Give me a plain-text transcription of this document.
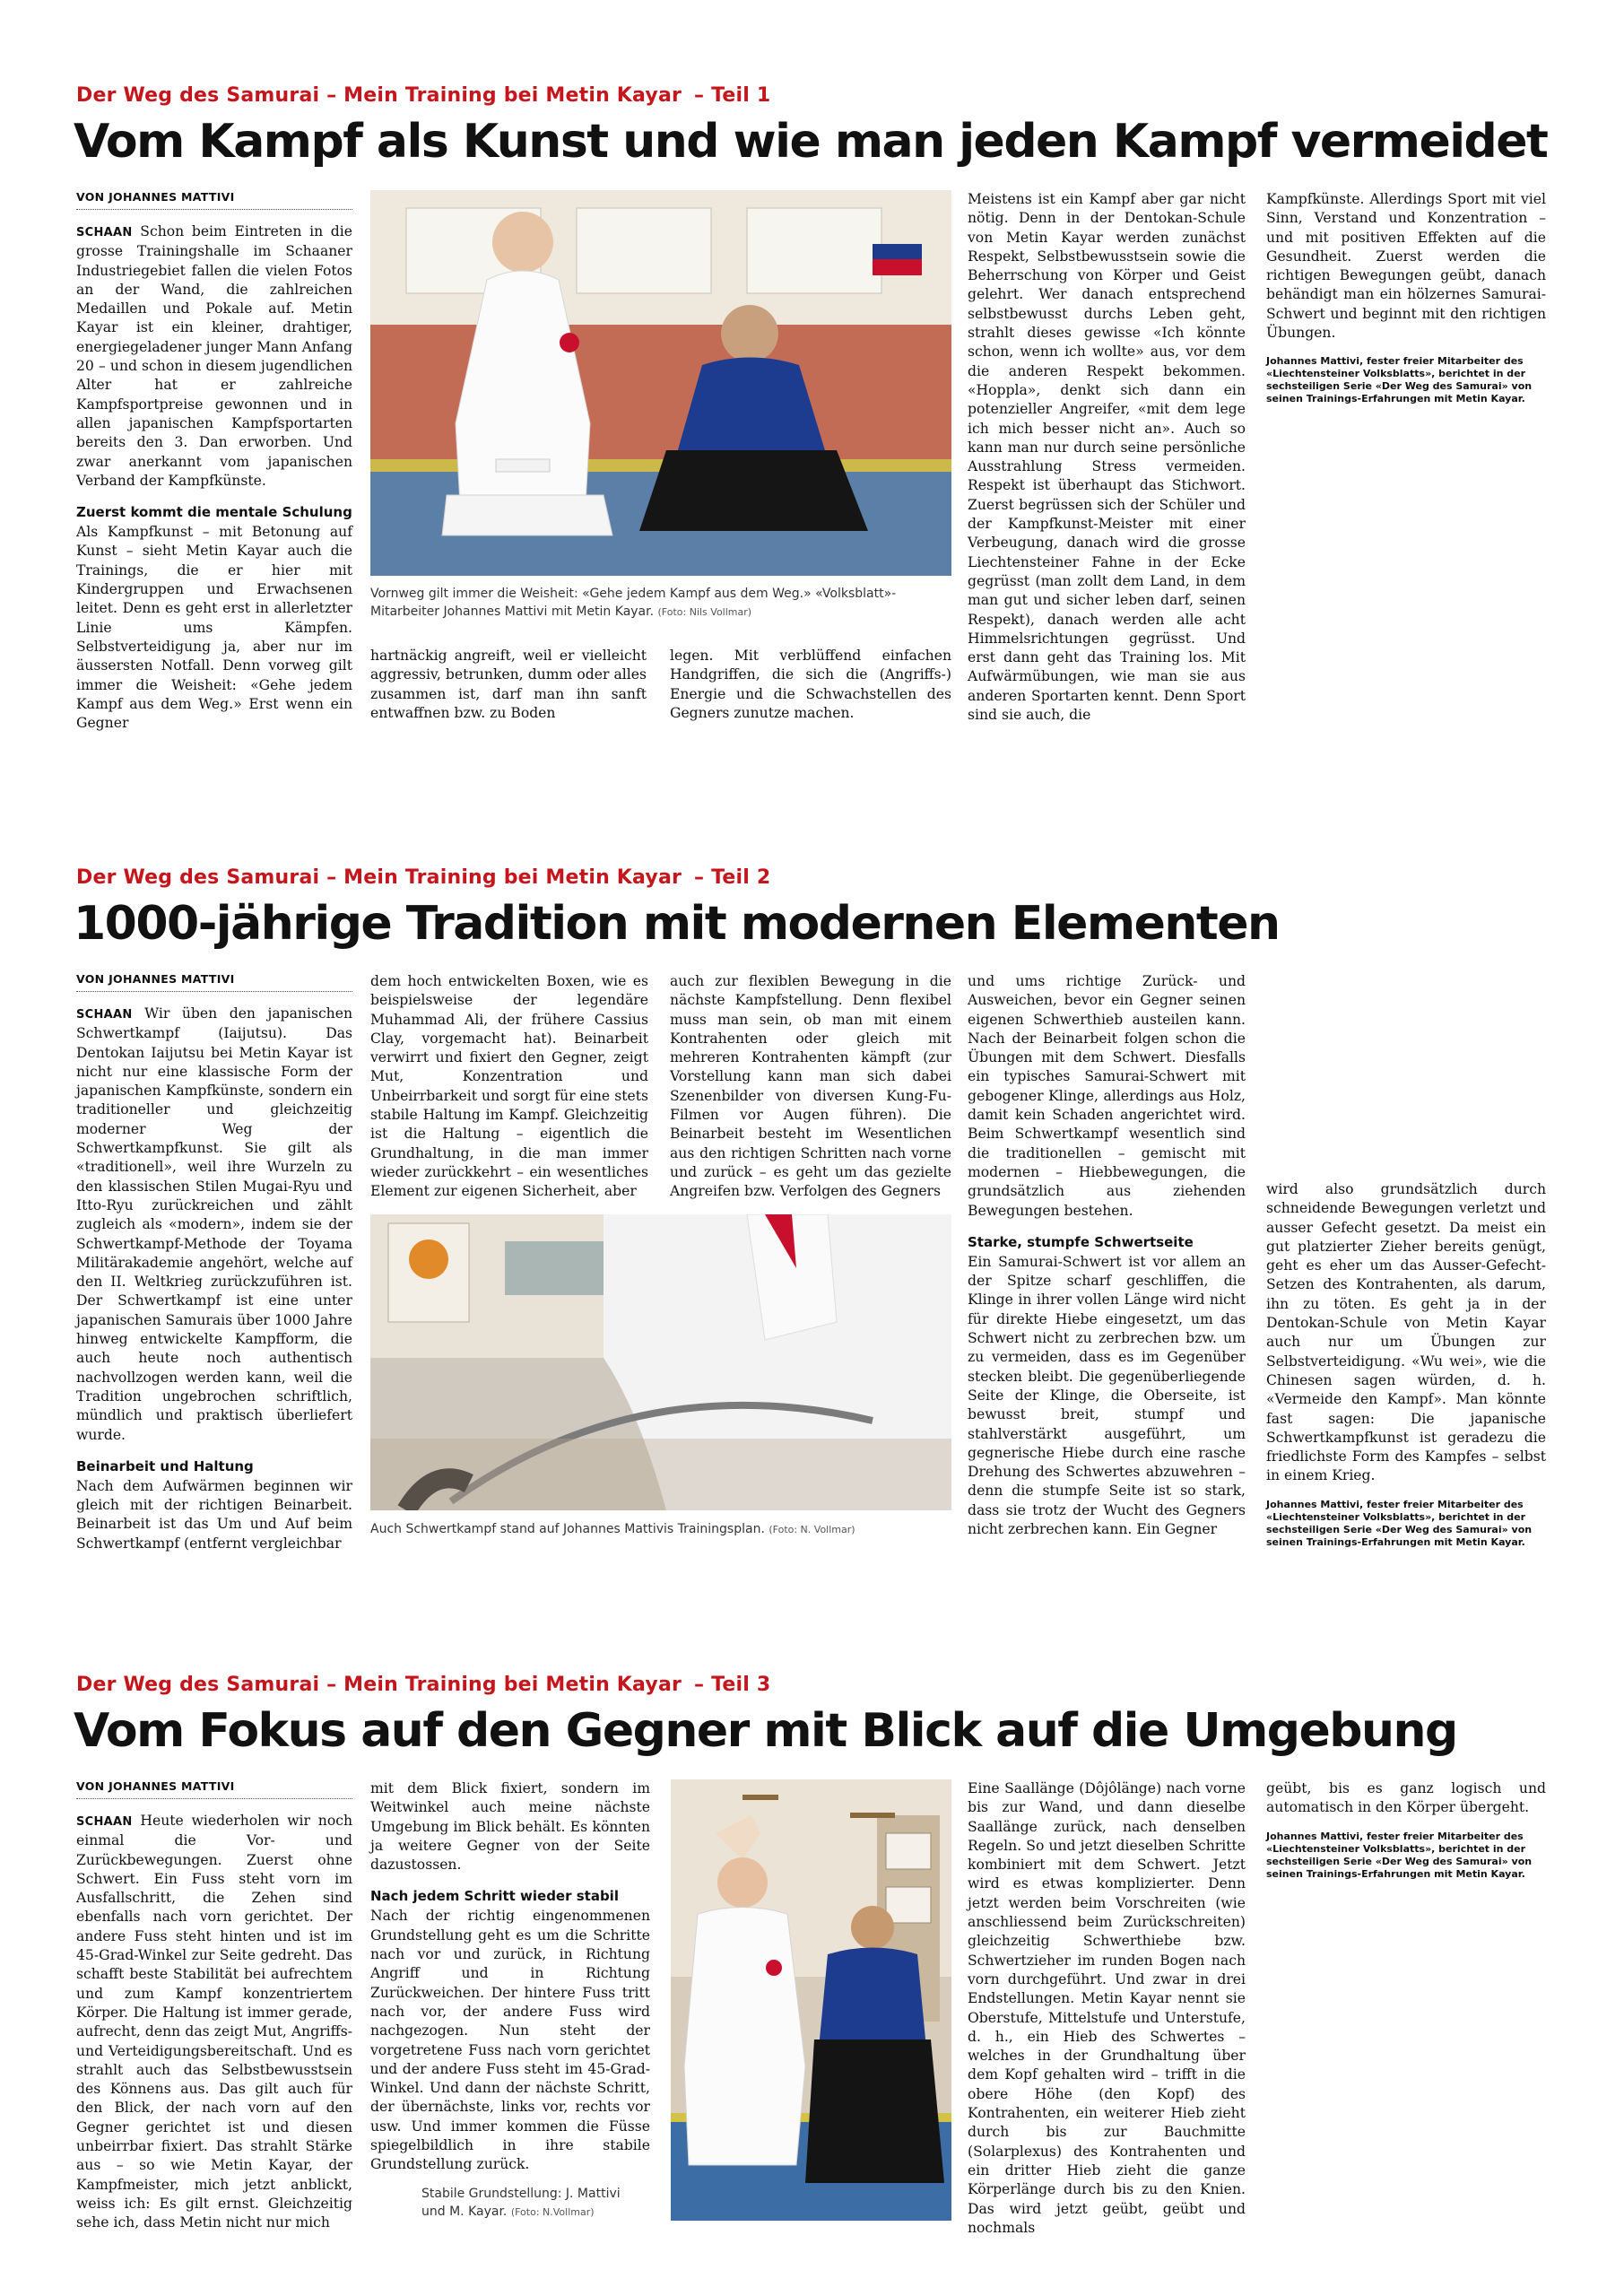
Der Weg des Samurai – Mein Training bei Metin Kayar – Teil 1
Vom Kampf als Kunst und wie man jeden Kampf vermeidet
VON JOHANNES MATTIVI

SCHAAN Schon beim Eintreten in die grosse Trainingshalle im Schaaner Industriegebiet fallen die vielen Fotos an der Wand, die zahlreichen Medaillen und Pokale auf. Metin Kayar ist ein kleiner, drahtiger, energiegeladener junger Mann Anfang 20 – und schon in diesem jugendlichen Alter hat er zahlreiche Kampfsportpreise gewonnen und in allen japanischen Kampfsportarten bereits den 3. Dan erworben. Und zwar anerkannt vom japanischen Verband der Kampfkünste.

Zuerst kommt die mentale Schulung

Als Kampfkunst – mit Betonung auf Kunst – sieht Metin Kayar auch die Trainings, die er hier mit Kindergruppen und Erwachsenen leitet. Denn es geht erst in allerletzter Linie ums Kämpfen. Selbstverteidigung ja, aber nur im äussersten Notfall. Denn vorweg gilt immer die Weisheit: «Gehe jedem Kampf aus dem Weg.» Erst wenn ein Gegner

Vornweg gilt immer die Weisheit: «Gehe jedem Kampf aus dem Weg.» «Volksblatt»-Mitarbeiter Johannes Mattivi mit Metin Kayar. (Foto: Nils Vollmar)

hartnäckig angreift, weil er vielleicht aggressiv, betrunken, dumm oder alles zusammen ist, darf man ihn sanft entwaffnen bzw. zu Boden

legen. Mit verblüffend einfachen Handgriffen, die sich die (Angriffs-) Energie und die Schwachstellen des Gegners zunutze machen.

Meistens ist ein Kampf aber gar nicht nötig. Denn in der Dentokan-Schule von Metin Kayar werden zunächst Respekt, Selbstbewusstsein sowie die Beherrschung von Körper und Geist gelehrt. Wer danach entsprechend selbstbewusst durchs Leben geht, strahlt dieses gewisse «Ich könnte schon, wenn ich wollte» aus, vor dem die anderen Respekt bekommen. «Hoppla», denkt sich dann ein potenzieller Angreifer, «mit dem lege ich mich besser nicht an». Auch so kann man nur durch seine persönliche Ausstrahlung Stress vermeiden. Respekt ist überhaupt das Stichwort. Zuerst begrüssen sich der Schüler und der Kampfkunst-Meister mit einer Verbeugung, danach wird die grosse Liechtensteiner Fahne in der Ecke gegrüsst (man zollt dem Land, in dem man gut und sicher leben darf, seinen Respekt), danach werden alle acht Himmelsrichtungen gegrüsst. Und erst dann geht das Training los. Mit Aufwärmübungen, wie man sie aus anderen Sportarten kennt. Denn Sport sind sie auch, die

Kampfkünste. Allerdings Sport mit viel Sinn, Verstand und Konzentration – und mit positiven Effekten auf die Gesundheit. Zuerst werden die richtigen Bewegungen geübt, danach behändigt man ein hölzernes Samurai-Schwert und beginnt mit den richtigen Übungen.

Johannes Mattivi, fester freier Mitarbeiter des «Liechtensteiner Volksblatts», berichtet in der sechsteiligen Serie «Der Weg des Samurai» von seinen Trainings-Erfahrungen mit Metin Kayar.
Der Weg des Samurai – Mein Training bei Metin Kayar – Teil 2
1000-jährige Tradition mit modernen Elementen
VON JOHANNES MATTIVI

SCHAAN Wir üben den japanischen Schwertkampf (Iaijutsu). Das Dentokan Iaijutsu bei Metin Kayar ist nicht nur eine klassische Form der japanischen Kampfkünste, sondern ein traditioneller und gleichzeitig moderner Weg der Schwertkampfkunst. Sie gilt als «traditionell», weil ihre Wurzeln zu den klassischen Stilen Mugai-Ryu und Itto-Ryu zurückreichen und zählt zugleich als «modern», indem sie der Schwertkampf-Methode der Toyama Militärakademie angehört, welche auf den II. Weltkrieg zurückzuführen ist. Der Schwertkampf ist eine unter japanischen Samurais über 1000 Jahre hinweg entwickelte Kampfform, die auch heute noch authentisch nachvollzogen werden kann, weil die Tradition ungebrochen schriftlich, mündlich und praktisch überliefert wurde.

Beinarbeit und Haltung

Nach dem Aufwärmen beginnen wir gleich mit der richtigen Beinarbeit. Beinarbeit ist das Um und Auf beim Schwertkampf (entfernt vergleichbar

dem hoch entwickelten Boxen, wie es beispielsweise der legendäre Muhammad Ali, der frühere Cassius Clay, vorgemacht hat). Beinarbeit verwirrt und fixiert den Gegner, zeigt Mut, Konzentration und Unbeirrbarkeit und sorgt für eine stets stabile Haltung im Kampf. Gleichzeitig ist die Haltung – eigentlich die Grundhaltung, in die man immer wieder zurückkehrt – ein wesentliches Element zur eigenen Sicherheit, aber

auch zur flexiblen Bewegung in die nächste Kampfstellung. Denn flexibel muss man sein, ob man mit einem Kontrahenten oder gleich mit mehreren Kontrahenten kämpft (zur Vorstellung kann man sich dabei Szenenbilder von diversen Kung-Fu-Filmen vor Augen führen). Die Beinarbeit besteht im Wesentlichen aus den richtigen Schritten nach vorne und zurück – es geht um das gezielte Angreifen bzw. Verfolgen des Gegners

Auch Schwertkampf stand auf Johannes Mattivis Trainingsplan. (Foto: N. Vollmar)

und ums richtige Zurück- und Ausweichen, bevor ein Gegner seinen eigenen Schwerthieb austeilen kann. Nach der Beinarbeit folgen schon die Übungen mit dem Schwert. Diesfalls ein typisches Samurai-Schwert mit gebogener Klinge, allerdings aus Holz, damit kein Schaden angerichtet wird. Beim Schwertkampf wesentlich sind die traditionellen – gemischt mit modernen – Hiebbewegungen, die grundsätzlich aus ziehenden Bewegungen bestehen.

Starke, stumpfe Schwertseite

Ein Samurai-Schwert ist vor allem an der Spitze scharf geschliffen, die Klinge in ihrer vollen Länge wird nicht für direkte Hiebe eingesetzt, um das Schwert nicht zu zerbrechen bzw. um zu vermeiden, dass es im Gegenüber stecken bleibt. Die gegenüberliegende Seite der Klinge, die Oberseite, ist bewusst breit, stumpf und stahlverstärkt ausgeführt, um gegnerische Hiebe durch eine rasche Drehung des Schwertes abzuwehren – denn die stumpfe Seite ist so stark, dass sie trotz der Wucht des Gegners nicht zerbrechen kann. Ein Gegner

wird also grundsätzlich durch schneidende Bewegungen verletzt und ausser Gefecht gesetzt. Da meist ein gut platzierter Zieher bereits genügt, geht es eher um das Ausser-Gefecht-Setzen des Kontrahenten, als darum, ihn zu töten. Es geht ja in der Dentokan-Schule von Metin Kayar auch nur um Übungen zur Selbstverteidigung. «Wu wei», wie die Chinesen sagen würden, d. h. «Vermeide den Kampf». Man könnte fast sagen: Die japanische Schwertkampfkunst ist geradezu die friedlichste Form des Kampfes – selbst in einem Krieg.

Johannes Mattivi, fester freier Mitarbeiter des «Liechtensteiner Volksblatts», berichtet in der sechsteiligen Serie «Der Weg des Samurai» von seinen Trainings-Erfahrungen mit Metin Kayar.
Der Weg des Samurai – Mein Training bei Metin Kayar – Teil 3
Vom Fokus auf den Gegner mit Blick auf die Umgebung
VON JOHANNES MATTIVI

SCHAAN Heute wiederholen wir noch einmal die Vor- und Zurückbewegungen. Zuerst ohne Schwert. Ein Fuss steht vorn im Ausfallschritt, die Zehen sind ebenfalls nach vorn gerichtet. Der andere Fuss steht hinten und ist im 45-Grad-Winkel zur Seite gedreht. Das schafft beste Stabilität bei aufrechtem und zum Kampf konzentriertem Körper. Die Haltung ist immer gerade, aufrecht, denn das zeigt Mut, Angriffs- und Verteidigungsbereitschaft. Und es strahlt auch das Selbstbewusstsein des Könnens aus. Das gilt auch für den Blick, der nach vorn auf den Gegner gerichtet ist und diesen unbeirrbar fixiert. Das strahlt Stärke aus – so wie Metin Kayar, der Kampfmeister, mich jetzt anblickt, weiss ich: Es gilt ernst. Gleichzeitig sehe ich, dass Metin nicht nur mich

mit dem Blick fixiert, sondern im Weitwinkel auch meine nächste Umgebung im Blick behält. Es könnten ja weitere Gegner von der Seite dazustossen.

Nach jedem Schritt wieder stabil

Nach der richtig eingenommenen Grundstellung geht es um die Schritte nach vor und zurück, in Richtung Angriff und in Richtung Zurückweichen. Der hintere Fuss tritt nach vor, der andere Fuss wird nachgezogen. Nun steht der vorgetretene Fuss nach vorn gerichtet und der andere Fuss steht im 45-Grad-Winkel. Und dann der nächste Schritt, der übernächste, links vor, rechts vor usw. Und immer kommen die Füsse spiegelbildlich in ihre stabile Grundstellung zurück.

Stabile Grundstellung: J. Mattivi und M. Kayar. (Foto: N.Vollmar)

Eine Saallänge (Dôjôlänge) nach vorne bis zur Wand, und dann dieselbe Saallänge zurück, nach denselben Regeln. So und jetzt dieselben Schritte kombiniert mit dem Schwert. Jetzt wird es etwas komplizierter. Denn jetzt werden beim Vorschreiten (wie anschliessend beim Zurückschreiten) gleichzeitig Schwerthiebe bzw. Schwertzieher im runden Bogen nach vorn durchgeführt. Und zwar in drei Endstellungen. Metin Kayar nennt sie Oberstufe, Mittelstufe und Unterstufe, d. h., ein Hieb des Schwertes – welches in der Grundhaltung über dem Kopf gehalten wird – trifft in die obere Höhe (den Kopf) des Kontrahenten, ein weiterer Hieb zieht durch bis zur Bauchmitte (Solarplexus) des Kontrahenten und ein dritter Hieb zieht die ganze Körperlänge durch bis zu den Knien. Das wird jetzt geübt, geübt und nochmals

geübt, bis es ganz logisch und automatisch in den Körper übergeht.

Johannes Mattivi, fester freier Mitarbeiter des «Liechtensteiner Volksblatts», berichtet in der sechsteiligen Serie «Der Weg des Samurai» von seinen Trainings-Erfahrungen mit Metin Kayar.
